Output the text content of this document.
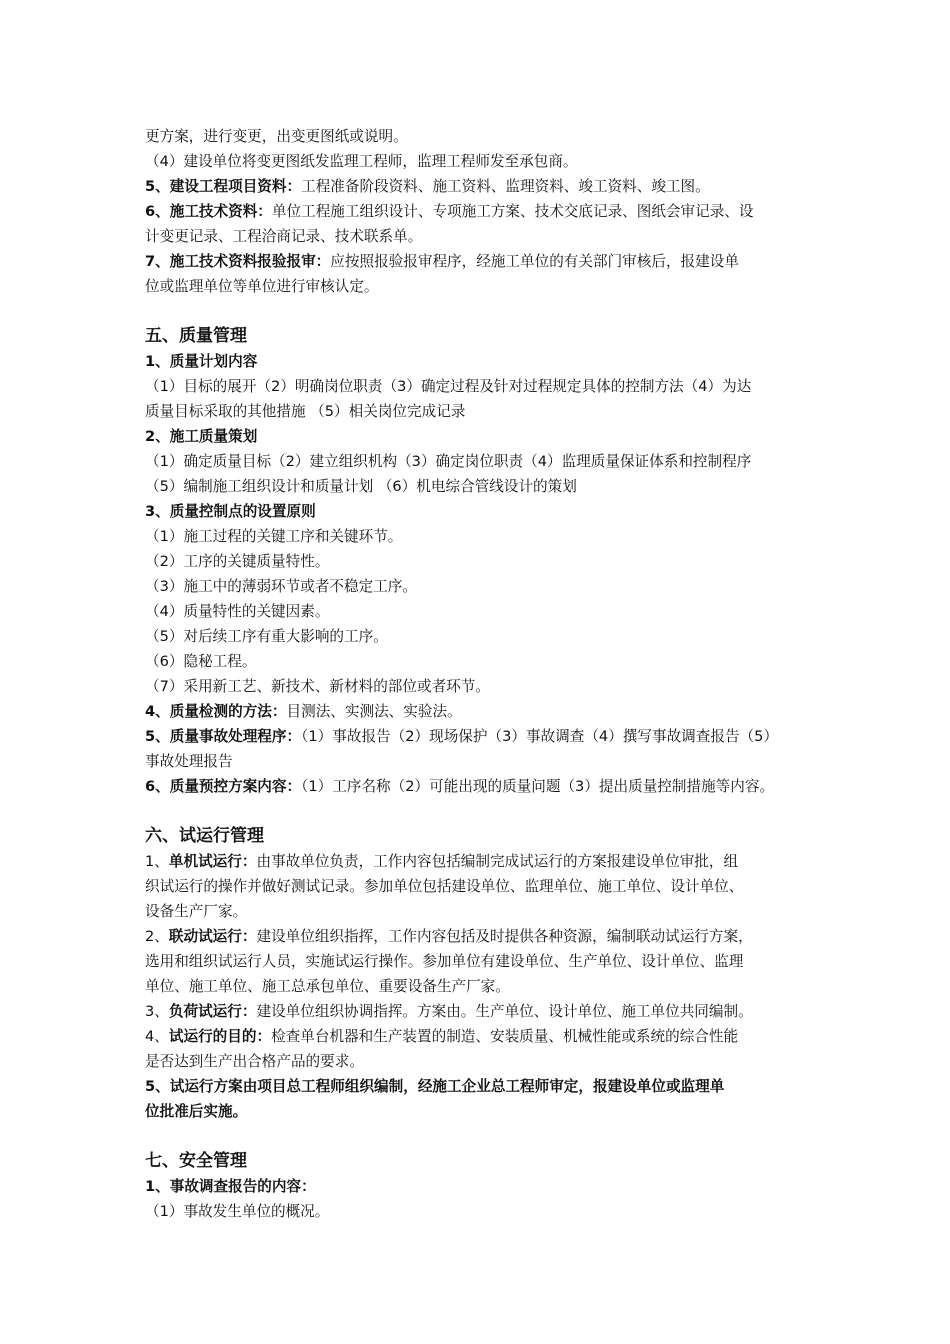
更方案，进行变更，出变更图纸或说明。
（4）建设单位将变更图纸发监理工程师，监理工程师发至承包商。
5、建设工程项目资料：工程准备阶段资料、施工资料、监理资料、竣工资料、竣工图。
6、施工技术资料：单位工程施工组织设计、专项施工方案、技术交底记录、图纸会审记录、设
计变更记录、工程洽商记录、技术联系单。
7、施工技术资料报验报审：应按照报验报审程序，经施工单位的有关部门审核后，报建设单
位或监理单位等单位进行审核认定。
五、质量管理
1、质量计划内容
（1）目标的展开（2）明确岗位职责（3）确定过程及针对过程规定具体的控制方法（4）为达
质量目标采取的其他措施 （5）相关岗位完成记录
2、施工质量策划
（1）确定质量目标（2）建立组织机构（3）确定岗位职责（4）监理质量保证体系和控制程序
（5）编制施工组织设计和质量计划 （6）机电综合管线设计的策划
3、质量控制点的设置原则
（1）施工过程的关键工序和关键环节。
（2）工序的关键质量特性。
（3）施工中的薄弱环节或者不稳定工序。
（4）质量特性的关键因素。
（5）对后续工序有重大影响的工序。
（6）隐秘工程。
（7）采用新工艺、新技术、新材料的部位或者环节。
4、质量检测的方法：目测法、实测法、实验法。
5、质量事故处理程序：（1）事故报告（2）现场保护（3）事故调查（4）撰写事故调查报告（5）
事故处理报告
6、质量预控方案内容：（1）工序名称（2）可能出现的质量问题（3）提出质量控制措施等内容。
六、试运行管理
1、单机试运行：由事故单位负责，工作内容包括编制完成试运行的方案报建设单位审批，组
织试运行的操作并做好测试记录。参加单位包括建设单位、监理单位、施工单位、设计单位、
设备生产厂家。
2、联动试运行：建设单位组织指挥，工作内容包括及时提供各种资源，编制联动试运行方案，
选用和组织试运行人员，实施试运行操作。参加单位有建设单位、生产单位、设计单位、监理
单位、施工单位、施工总承包单位、重要设备生产厂家。
3、负荷试运行：建设单位组织协调指挥。方案由。生产单位、设计单位、施工单位共同编制。
4、试运行的目的：检查单台机器和生产装置的制造、安装质量、机械性能或系统的综合性能
是否达到生产出合格产品的要求。
5、试运行方案由项目总工程师组织编制，经施工企业总工程师审定，报建设单位或监理单
位批准后实施。
七、安全管理
1、事故调查报告的内容：
（1）事故发生单位的概况。
